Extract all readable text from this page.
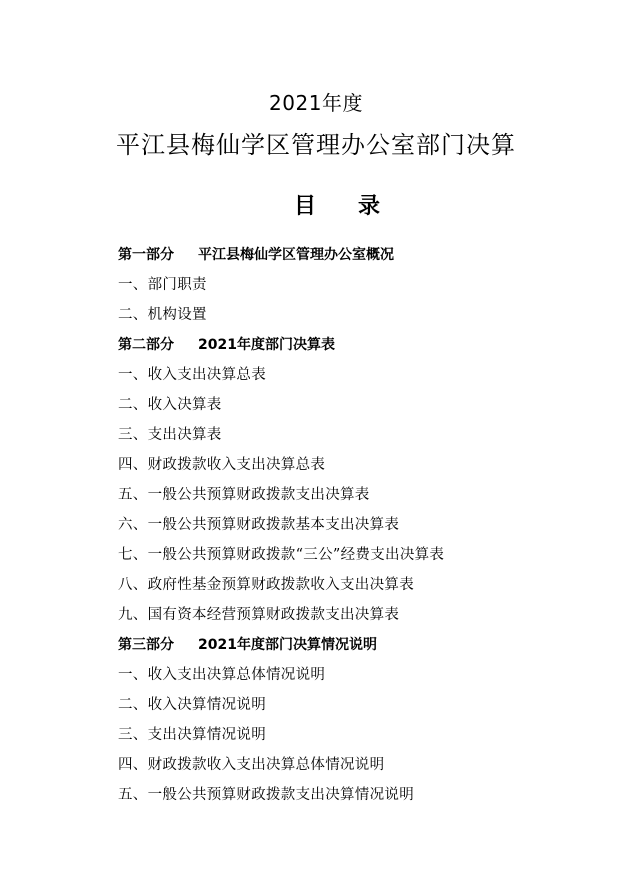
2021年度
平江县梅仙学区管理办公室部门决算
目 录
第一部分 平江县梅仙学区管理办公室概况
一、部门职责
二、机构设置
第二部分 2021年度部门决算表
一、收入支出决算总表
二、收入决算表
三、支出决算表
四、财政拨款收入支出决算总表
五、一般公共预算财政拨款支出决算表
六、一般公共预算财政拨款基本支出决算表
七、一般公共预算财政拨款“三公”经费支出决算表
八、政府性基金预算财政拨款收入支出决算表
九、国有资本经营预算财政拨款支出决算表
第三部分 2021年度部门决算情况说明
一、收入支出决算总体情况说明
二、收入决算情况说明
三、支出决算情况说明
四、财政拨款收入支出决算总体情况说明
五、一般公共预算财政拨款支出决算情况说明
